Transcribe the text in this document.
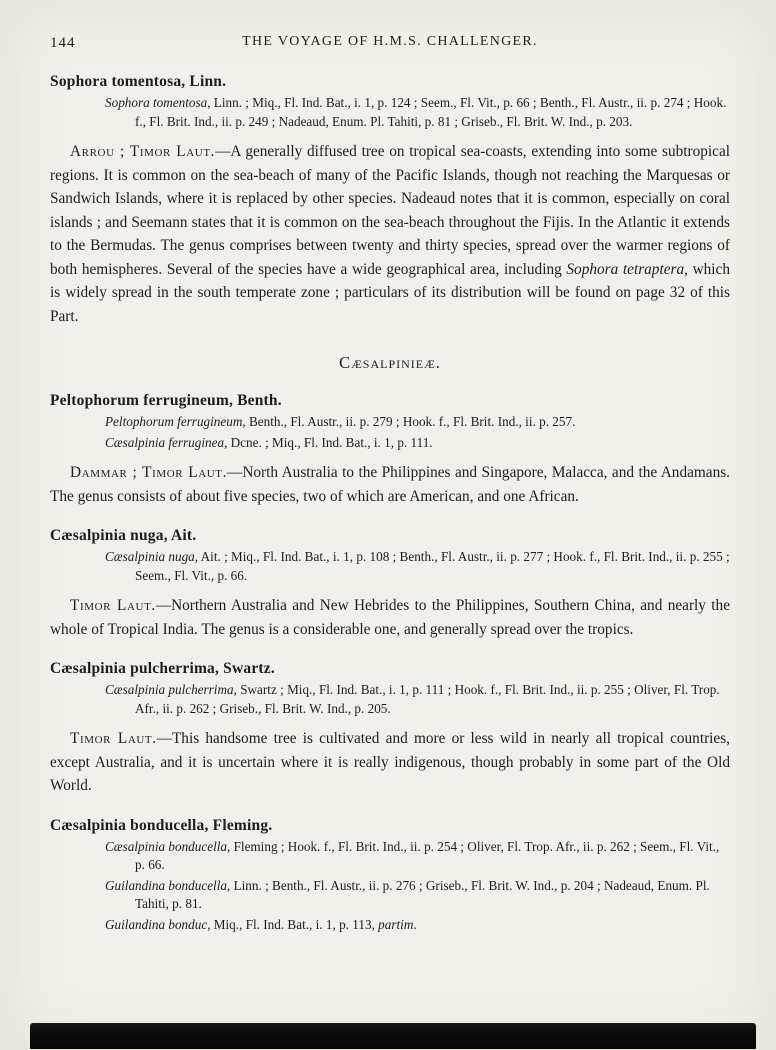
144	THE VOYAGE OF H.M.S. CHALLENGER.
Sophora tomentosa, Linn.

Sophora tomentosa, Linn. ; Miq., Fl. Ind. Bat., i. 1, p. 124 ; Seem., Fl. Vit., p. 66 ; Benth., Fl. Austr., ii. p. 274 ; Hook. f., Fl. Brit. Ind., ii. p. 249 ; Nadeaud, Enum. Pl. Tahiti, p. 81 ; Griseb., Fl. Brit. W. Ind., p. 203.

Arrou ; Timor Laut.—A generally diffused tree on tropical sea-coasts, extending into some subtropical regions. It is common on the sea-beach of many of the Pacific Islands, though not reaching the Marquesas or Sandwich Islands, where it is replaced by other species. Nadeaud notes that it is common, especially on coral islands ; and Seemann states that it is common on the sea-beach throughout the Fijis. In the Atlantic it extends to the Bermudas. The genus comprises between twenty and thirty species, spread over the warmer regions of both hemispheres. Several of the species have a wide geographical area, including Sophora tetraptera, which is widely spread in the south temperate zone ; particulars of its distribution will be found on page 32 of this Part.

Cæsalpinieæ.
Peltophorum ferrugineum, Benth.

Peltophorum ferrugineum, Benth., Fl. Austr., ii. p. 279 ; Hook. f., Fl. Brit. Ind., ii. p. 257.

Cæsalpinia ferruginea, Dcne. ; Miq., Fl. Ind. Bat., i. 1, p. 111.

Dammar ; Timor Laut.—North Australia to the Philippines and Singapore, Malacca, and the Andamans. The genus consists of about five species, two of which are American, and one African.

Cæsalpinia nuga, Ait.

Cæsalpinia nuga, Ait. ; Miq., Fl. Ind. Bat., i. 1, p. 108 ; Benth., Fl. Austr., ii. p. 277 ; Hook. f., Fl. Brit. Ind., ii. p. 255 ; Seem., Fl. Vit., p. 66.

Timor Laut.—Northern Australia and New Hebrides to the Philippines, Southern China, and nearly the whole of Tropical India. The genus is a considerable one, and generally spread over the tropics.

Cæsalpinia pulcherrima, Swartz.

Cæsalpinia pulcherrima, Swartz ; Miq., Fl. Ind. Bat., i. 1, p. 111 ; Hook. f., Fl. Brit. Ind., ii. p. 255 ; Oliver, Fl. Trop. Afr., ii. p. 262 ; Griseb., Fl. Brit. W. Ind., p. 205.

Timor Laut.—This handsome tree is cultivated and more or less wild in nearly all tropical countries, except Australia, and it is uncertain where it is really indigenous, though probably in some part of the Old World.

Cæsalpinia bonducella, Fleming.

Cæsalpinia bonducella, Fleming ; Hook. f., Fl. Brit. Ind., ii. p. 254 ; Oliver, Fl. Trop. Afr., ii. p. 262 ; Seem., Fl. Vit., p. 66.

Guilandina bonducella, Linn. ; Benth., Fl. Austr., ii. p. 276 ; Griseb., Fl. Brit. W. Ind., p. 204 ; Nadeaud, Enum. Pl. Tahiti, p. 81.

Guilandina bonduc, Miq., Fl. Ind. Bat., i. 1, p. 113, partim.
